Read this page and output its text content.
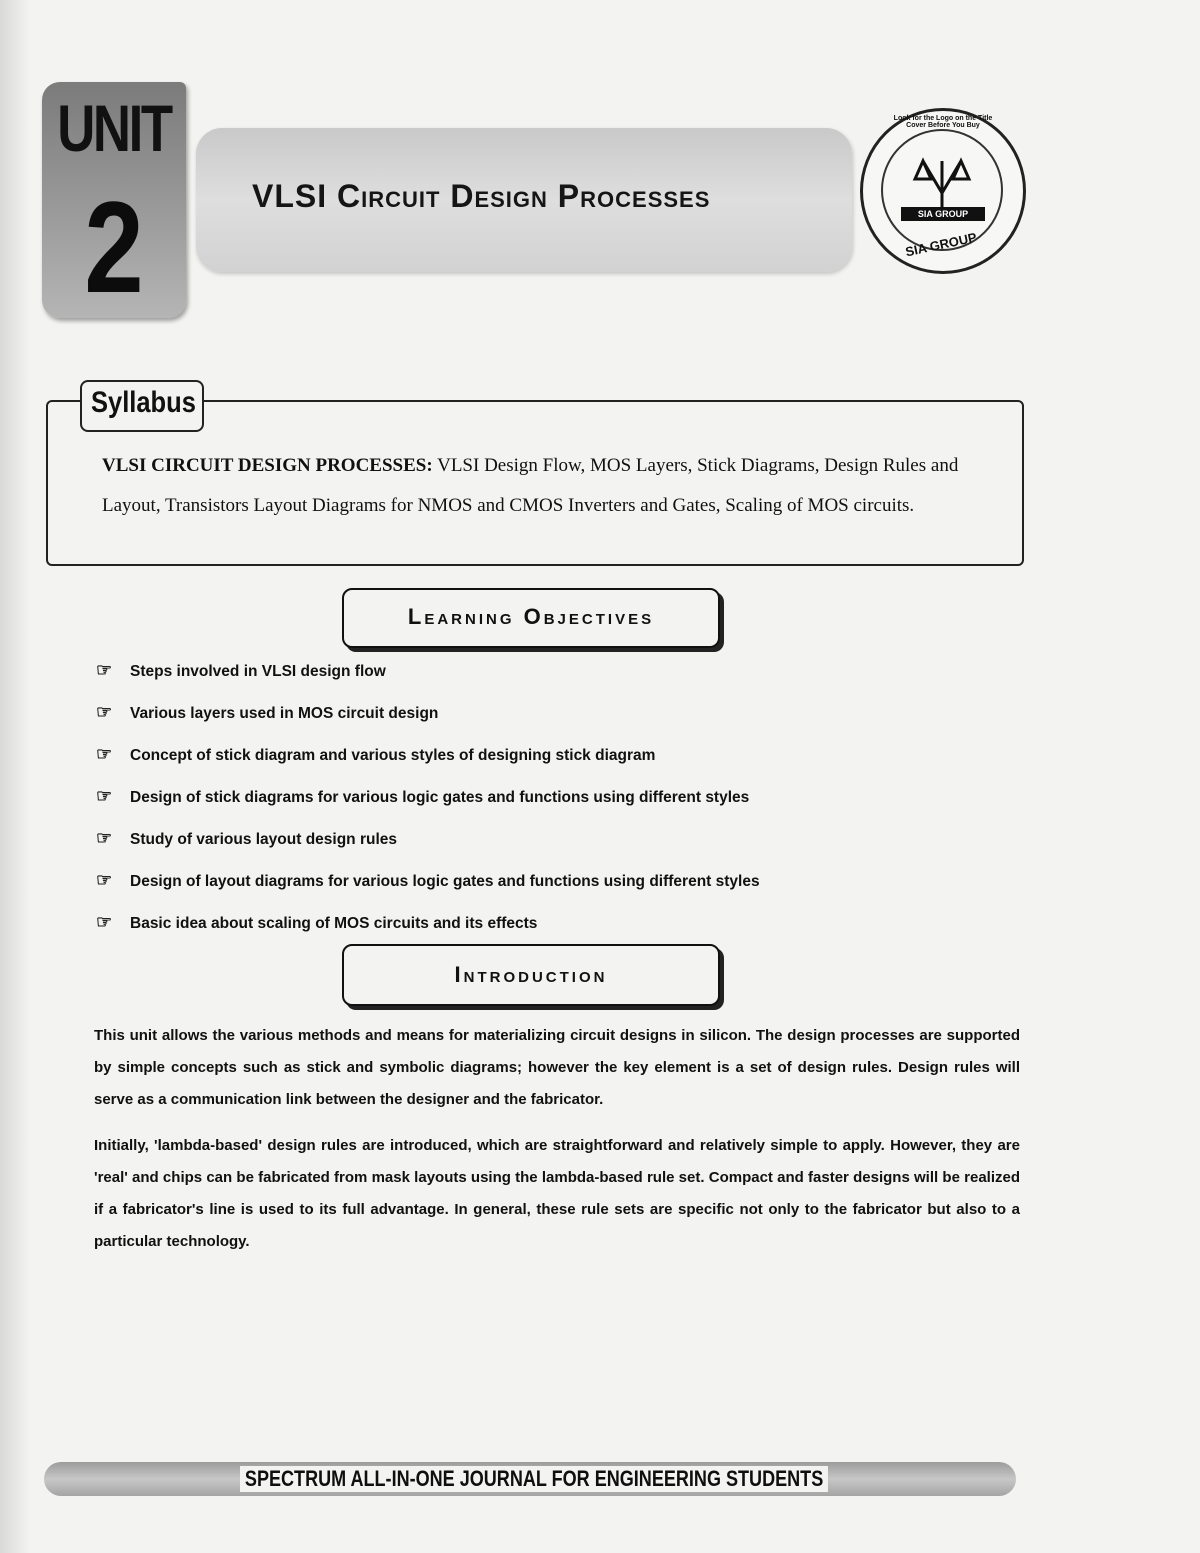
UNIT
2	VLSI Circuit Design Processes
Look for the Logo on the Title Cover Before You Buy
SIA GROUP
SIA GROUP
Syllabus
VLSI CIRCUIT DESIGN PROCESSES: VLSI Design Flow, MOS Layers, Stick Diagrams, Design Rules and Layout, Transistors Layout Diagrams for NMOS and CMOS Inverters and Gates, Scaling of MOS circuits.
Learning Objectives
☞ Steps involved in VLSI design flow
☞ Various layers used in MOS circuit design
☞ Concept of stick diagram and various styles of designing stick diagram
☞ Design of stick diagrams for various logic gates and functions using different styles
☞ Study of various layout design rules
☞ Design of layout diagrams for various logic gates and functions using different styles
☞ Basic idea about scaling of MOS circuits and its effects
Introduction

This unit allows the various methods and means for materializing circuit designs in silicon. The design processes are supported by simple concepts such as stick and symbolic diagrams; however the key element is a set of design rules. Design rules will serve as a communication link between the designer and the fabricator.

Initially, 'lambda-based' design rules are introduced, which are straightforward and relatively simple to apply. However, they are 'real' and chips can be fabricated from mask layouts using the lambda-based rule set. Compact and faster designs will be realized if a fabricator's line is used to its full advantage. In general, these rule sets are specific not only to the fabricator but also to a particular technology.

SPECTRUM ALL-IN-ONE JOURNAL FOR ENGINEERING STUDENTS
